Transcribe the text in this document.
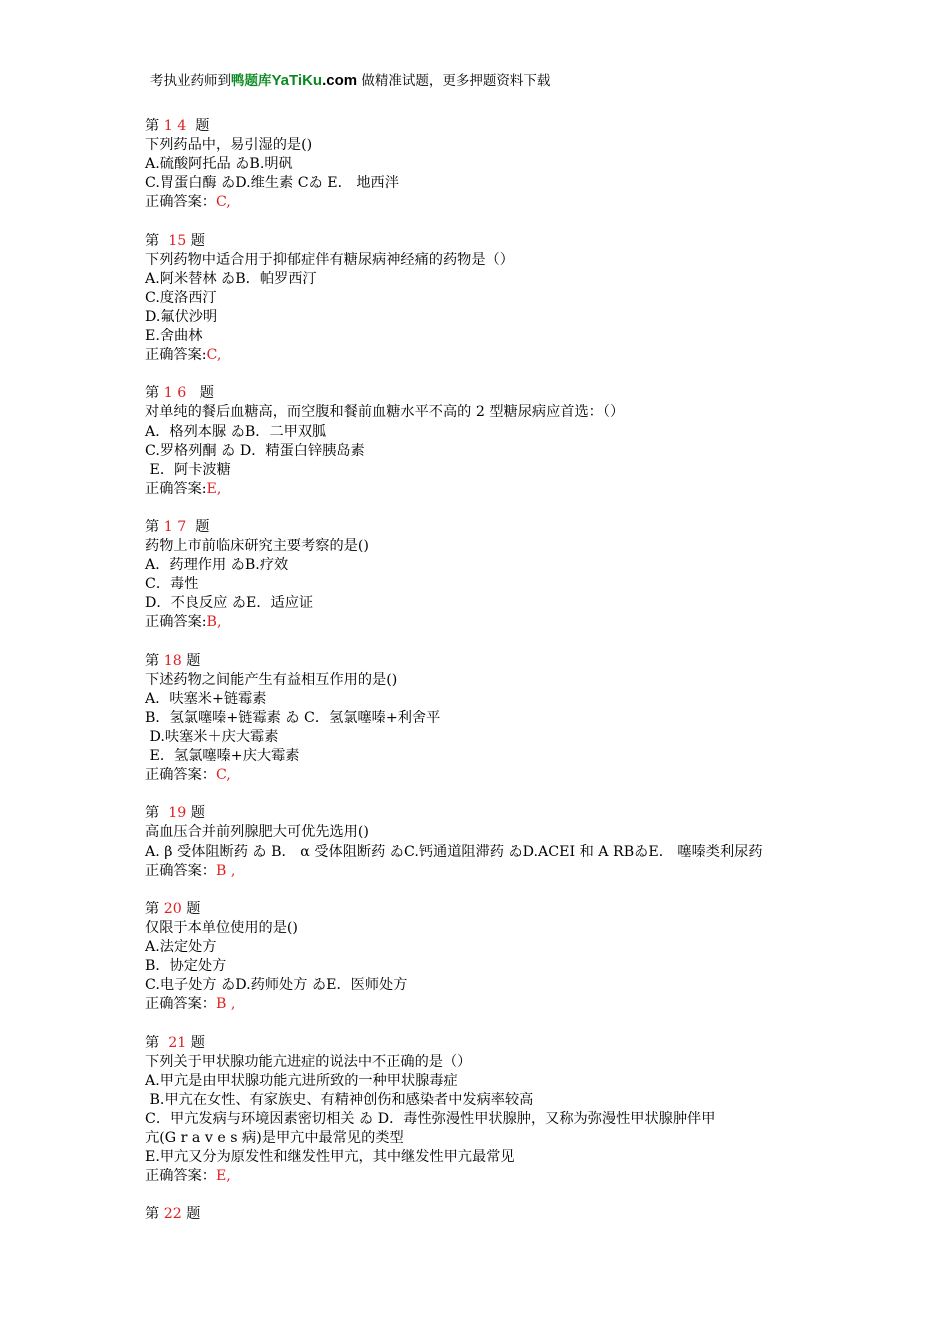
考执业药师到鸭题库YaTiKu.com 做精准试题，更多押题资料下载
第 1 4  题
下列药品中，易引湿的是()
A.硫酸阿托品 ゐB.明矾
C.胃蛋白酶 ゐD.维生素 Cゐ E． 地西泮
正确答案：C,
第  15 题
下列药物中适合用于抑郁症伴有糖尿病神经痛的药物是（）
A.阿米替林 ゐB．帕罗西汀
C.度洛西汀
D.氟伏沙明
E.舍曲林
正确答案:C,
第 1 6   题
对单纯的餐后血糖高，而空腹和餐前血糖水平不高的 2 型糖尿病应首选：（）
A．格列本脲 ゐB．二甲双胍
C.罗格列酮 ゐ D．精蛋白锌胰岛素
E．阿卡波糖
正确答案:E,
第 1 7  题
药物上市前临床研究主要考察的是()
A．药理作用 ゐB.疗效
C．毒性
D．不良反应 ゐE．适应证
正确答案:B,
第 18 题
下述药物之间能产生有益相互作用的是()
A．呋塞米+链霉素
B．氢氯噻嗪+链霉素 ゐ C．氢氯噻嗪+利舍平
D.呋塞米＋庆大霉素
E．氢氯噻嗪+庆大霉素
正确答案：C,
第  19 题
高血压合并前列腺肥大可优先选用()
A. β 受体阻断药 ゐ B． α 受体阻断药 ゐC.钙通道阻滞药 ゐD.ACEI 和 A RBゐE． 噻嗪类利尿药
正确答案：B ,
第 20 题
仅限于本单位使用的是()
A.法定处方
B．协定处方
C.电子处方 ゐD.药师处方 ゐE．医师处方
正确答案：B ,
第  21 题
下列关于甲状腺功能亢进症的说法中不正确的是（）
A.甲亢是由甲状腺功能亢进所致的一种甲状腺毒症
B.甲亢在女性、有家族史、有精神创伤和感染者中发病率较高
C．甲亢发病与环境因素密切相关 ゐ D．毒性弥漫性甲状腺肿，又称为弥漫性甲状腺肿伴甲
亢(G r a v e s 病)是甲亢中最常见的类型
E.甲亢又分为原发性和继发性甲亢，其中继发性甲亢最常见
正确答案：E,
第 22 题
